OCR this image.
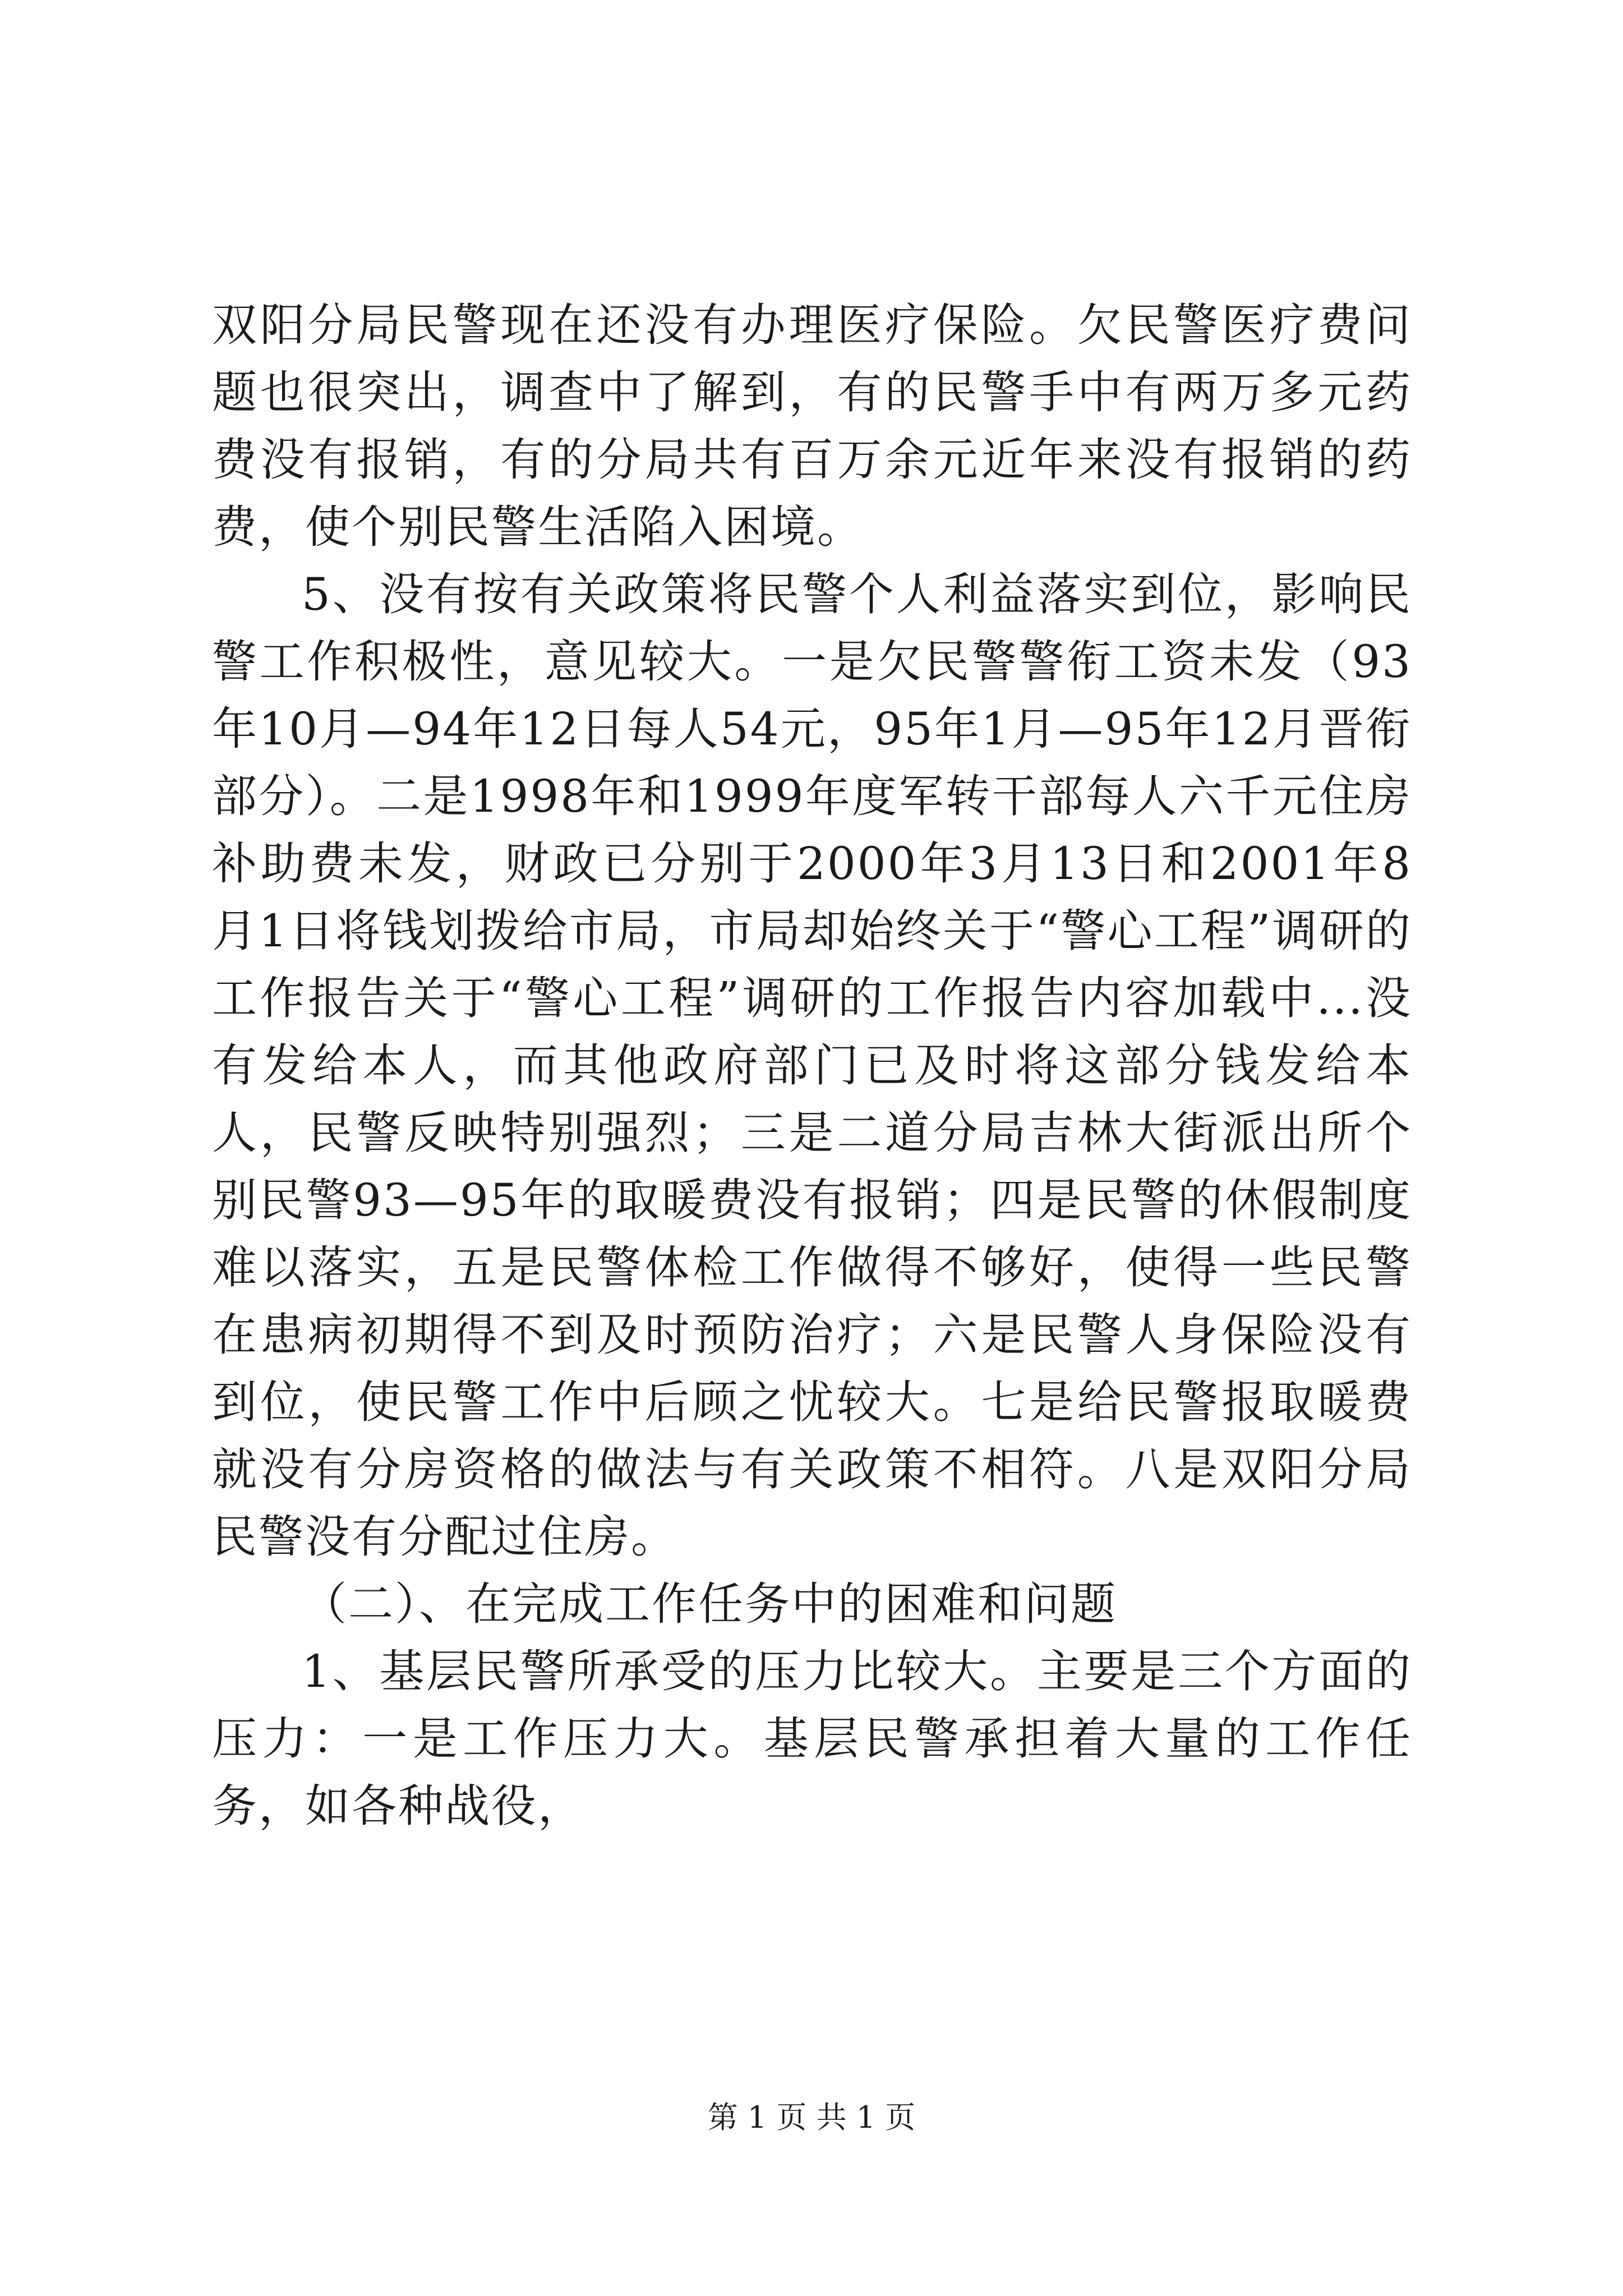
双阳分局民警现在还没有办理医疗保险。欠民警医疗费问题也很突出，调查中了解到，有的民警手中有两万多元药费没有报销，有的分局共有百万余元近年来没有报销的药费，使个别民警生活陷入困境。

5、没有按有关政策将民警个人利益落实到位，影响民警工作积极性，意见较大。一是欠民警警衔工资未发（93年10月—94年12日每人54元，95年1月—95年12月晋衔部分）。二是1998年和1999年度军转干部每人六千元住房补助费未发，财政已分别于2000年3月13日和2001年8月1日将钱划拨给市局，市局却始终关于“警心工程”调研的工作报告关于“警心工程”调研的工作报告内容加载中...没有发给本人，而其他政府部门已及时将这部分钱发给本人，民警反映特别强烈；三是二道分局吉林大街派出所个别民警93—95年的取暖费没有报销；四是民警的休假制度难以落实，五是民警体检工作做得不够好，使得一些民警在患病初期得不到及时预防治疗；六是民警人身保险没有到位，使民警工作中后顾之忧较大。七是给民警报取暖费就没有分房资格的做法与有关政策不相符。八是双阳分局民警没有分配过住房。

（二）、在完成工作任务中的困难和问题

1、基层民警所承受的压力比较大。主要是三个方面的压力：一是工作压力大。基层民警承担着大量的工作任务，如各种战役，

第 1 页 共 1 页
